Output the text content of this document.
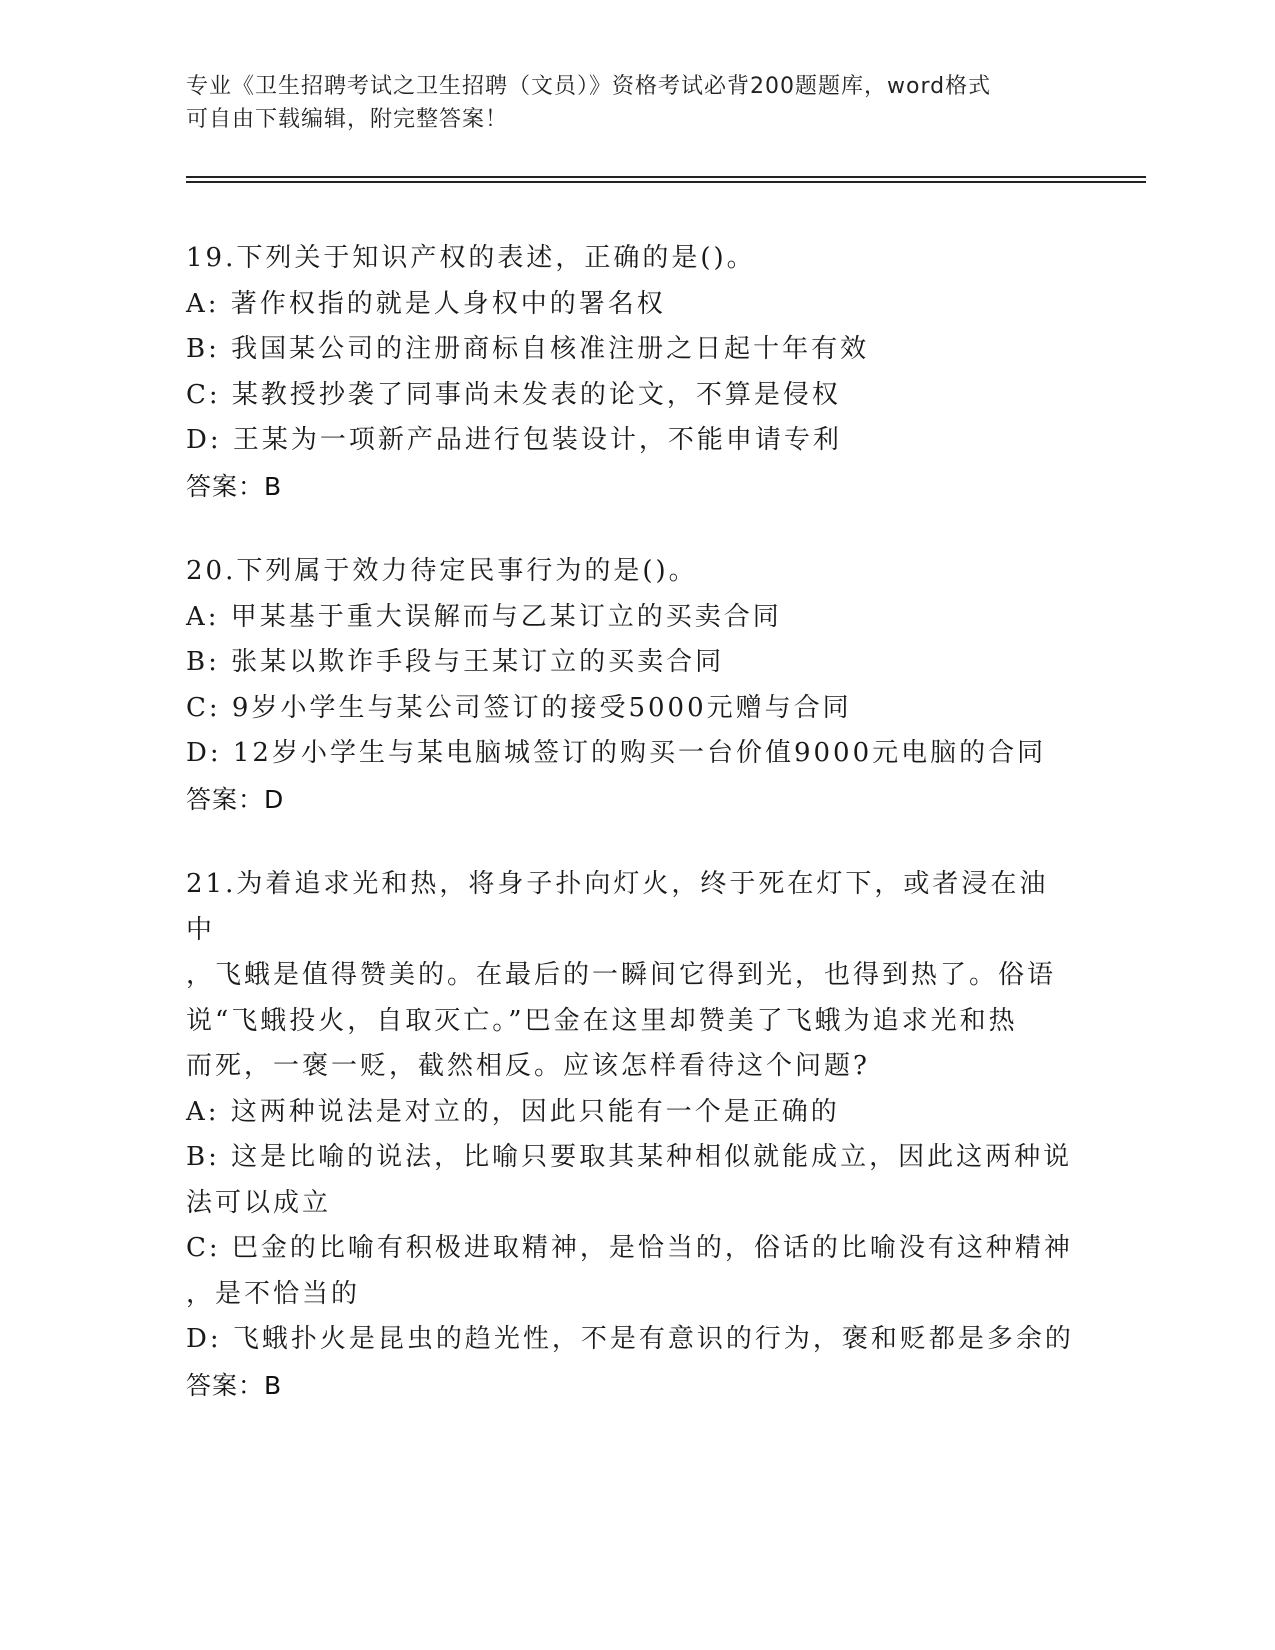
专业《卫生招聘考试之卫生招聘（文员）》资格考试必背200题题库，word格式
可自由下载编辑，附完整答案！
19.下列关于知识产权的表述，正确的是()。
A: 著作权指的就是人身权中的署名权
B: 我国某公司的注册商标自核准注册之日起十年有效
C: 某教授抄袭了同事尚未发表的论文，不算是侵权
D: 王某为一项新产品进行包装设计，不能申请专利
答案：B
20.下列属于效力待定民事行为的是()。
A: 甲某基于重大误解而与乙某订立的买卖合同
B: 张某以欺诈手段与王某订立的买卖合同
C: 9岁小学生与某公司签订的接受5000元赠与合同
D: 12岁小学生与某电脑城签订的购买一台价值9000元电脑的合同
答案：D
21.为着追求光和热，将身子扑向灯火，终于死在灯下，或者浸在油中
，飞蛾是值得赞美的。在最后的一瞬间它得到光，也得到热了。俗语
说“飞蛾投火，自取灭亡。”巴金在这里却赞美了飞蛾为追求光和热
而死，一褒一贬，截然相反。应该怎样看待这个问题?
A: 这两种说法是对立的，因此只能有一个是正确的
B: 这是比喻的说法，比喻只要取其某种相似就能成立，因此这两种说
法可以成立
C: 巴金的比喻有积极进取精神，是恰当的，俗话的比喻没有这种精神
，是不恰当的
D: 飞蛾扑火是昆虫的趋光性，不是有意识的行为，褒和贬都是多余的
答案：B
